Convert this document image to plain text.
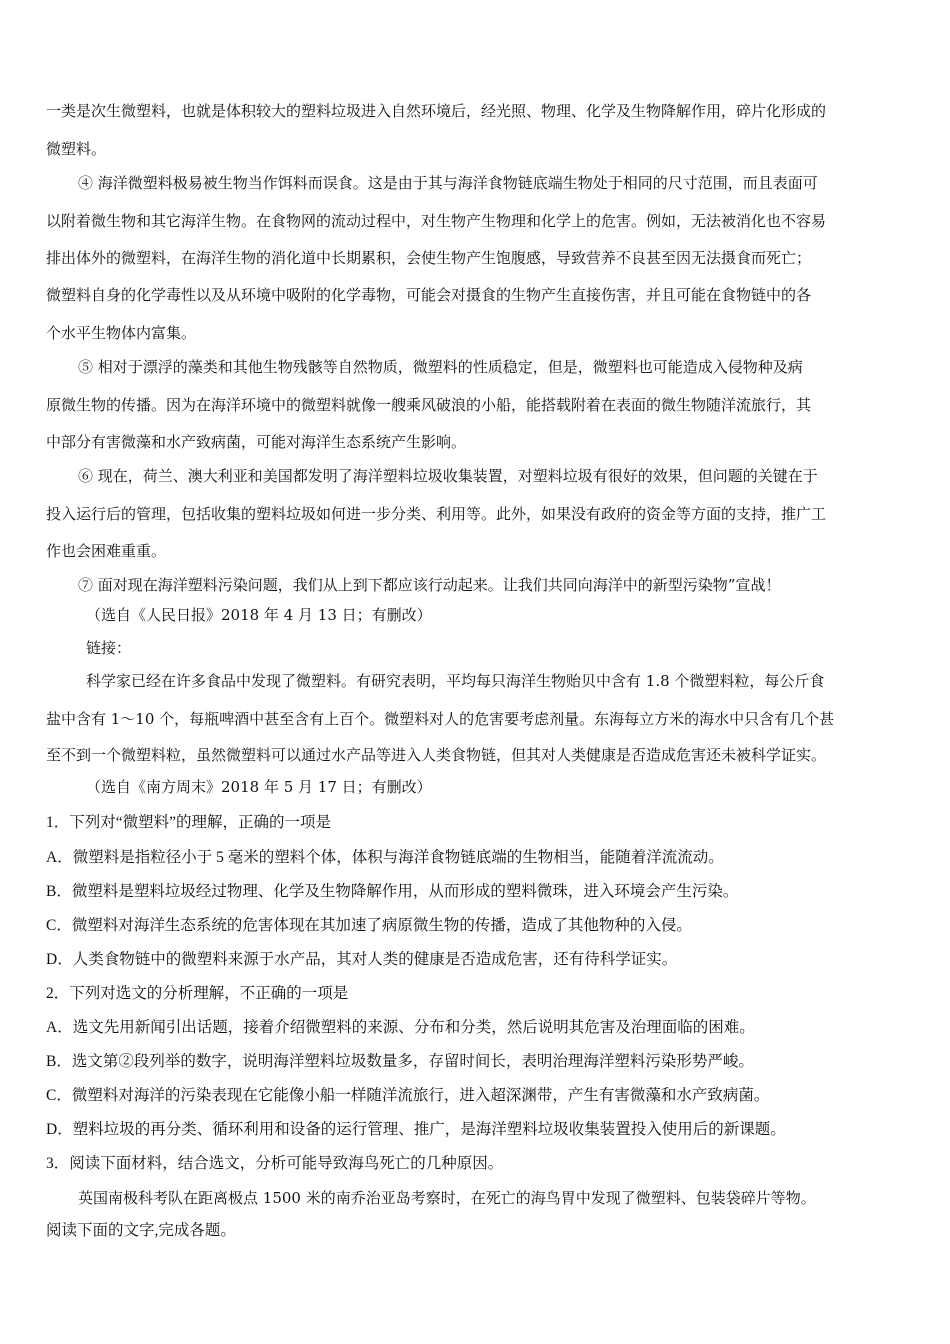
一类是次生微塑料，也就是体积较大的塑料垃圾进入自然环境后，经光照、物理、化学及生物降解作用，碎片化形成的
微塑料。
④ 海洋微塑料极易被生物当作饵料而误食。这是由于其与海洋食物链底端生物处于相同的尺寸范围，而且表面可
以附着微生物和其它海洋生物。在食物网的流动过程中，对生物产生物理和化学上的危害。例如，无法被消化也不容易
排出体外的微塑料，在海洋生物的消化道中长期累积，会使生物产生饱腹感，导致营养不良甚至因无法摄食而死亡；
微塑料自身的化学毒性以及从环境中吸附的化学毒物，可能会对摄食的生物产生直接伤害，并且可能在食物链中的各
个水平生物体内富集。
⑤ 相对于漂浮的藻类和其他生物残骸等自然物质，微塑料的性质稳定，但是，微塑料也可能造成入侵物种及病
原微生物的传播。因为在海洋环境中的微塑料就像一艘乘风破浪的小船，能搭载附着在表面的微生物随洋流旅行，其
中部分有害微藻和水产致病菌，可能对海洋生态系统产生影响。
⑥ 现在，荷兰、澳大利亚和美国都发明了海洋塑料垃圾收集装置，对塑料垃圾有很好的效果，但问题的关键在于
投入运行后的管理，包括收集的塑料垃圾如何进一步分类、利用等。此外，如果没有政府的资金等方面的支持，推广工
作也会困难重重。
⑦ 面对现在海洋塑料污染问题，我们从上到下都应该行动起来。让我们共同向海洋中的新型污染物”宣战！
（选自《人民日报》2018 年 4 月 13 日；有删改）
链接：
科学家已经在许多食品中发现了微塑料。有研究表明，平均每只海洋生物贻贝中含有 1.8 个微塑料粒，每公斤食
盐中含有 1～10 个，每瓶啤酒中甚至含有上百个。微塑料对人的危害要考虑剂量。东海每立方米的海水中只含有几个甚
至不到一个微塑料粒，虽然微塑料可以通过水产品等进入人类食物链，但其对人类健康是否造成危害还未被科学证实。
（选自《南方周末》2018 年 5 月 17 日；有删改）
1．下列对“微塑料”的理解，正确的一项是
A．微塑料是指粒径小于 5 毫米的塑料个体，体积与海洋食物链底端的生物相当，能随着洋流流动。
B．微塑料是塑料垃圾经过物理、化学及生物降解作用，从而形成的塑料微珠，进入环境会产生污染。
C．微塑料对海洋生态系统的危害体现在其加速了病原微生物的传播，造成了其他物种的入侵。
D．人类食物链中的微塑料来源于水产品，其对人类的健康是否造成危害，还有待科学证实。
2．下列对选文的分析理解，不正确的一项是
A．选文先用新闻引出话题，接着介绍微塑料的来源、分布和分类，然后说明其危害及治理面临的困难。
B．选文第②段列举的数字，说明海洋塑料垃圾数量多，存留时间长，表明治理海洋塑料污染形势严峻。
C．微塑料对海洋的污染表现在它能像小船一样随洋流旅行，进入超深渊带，产生有害微藻和水产致病菌。
D．塑料垃圾的再分类、循环利用和设备的运行管理、推广，是海洋塑料垃圾收集装置投入使用后的新课题。
3．阅读下面材料，结合选文，分析可能导致海鸟死亡的几种原因。
英国南极科考队在距离极点 1500 米的南乔治亚岛考察时，在死亡的海鸟胃中发现了微塑料、包装袋碎片等物。
阅读下面的文字,完成各题。
